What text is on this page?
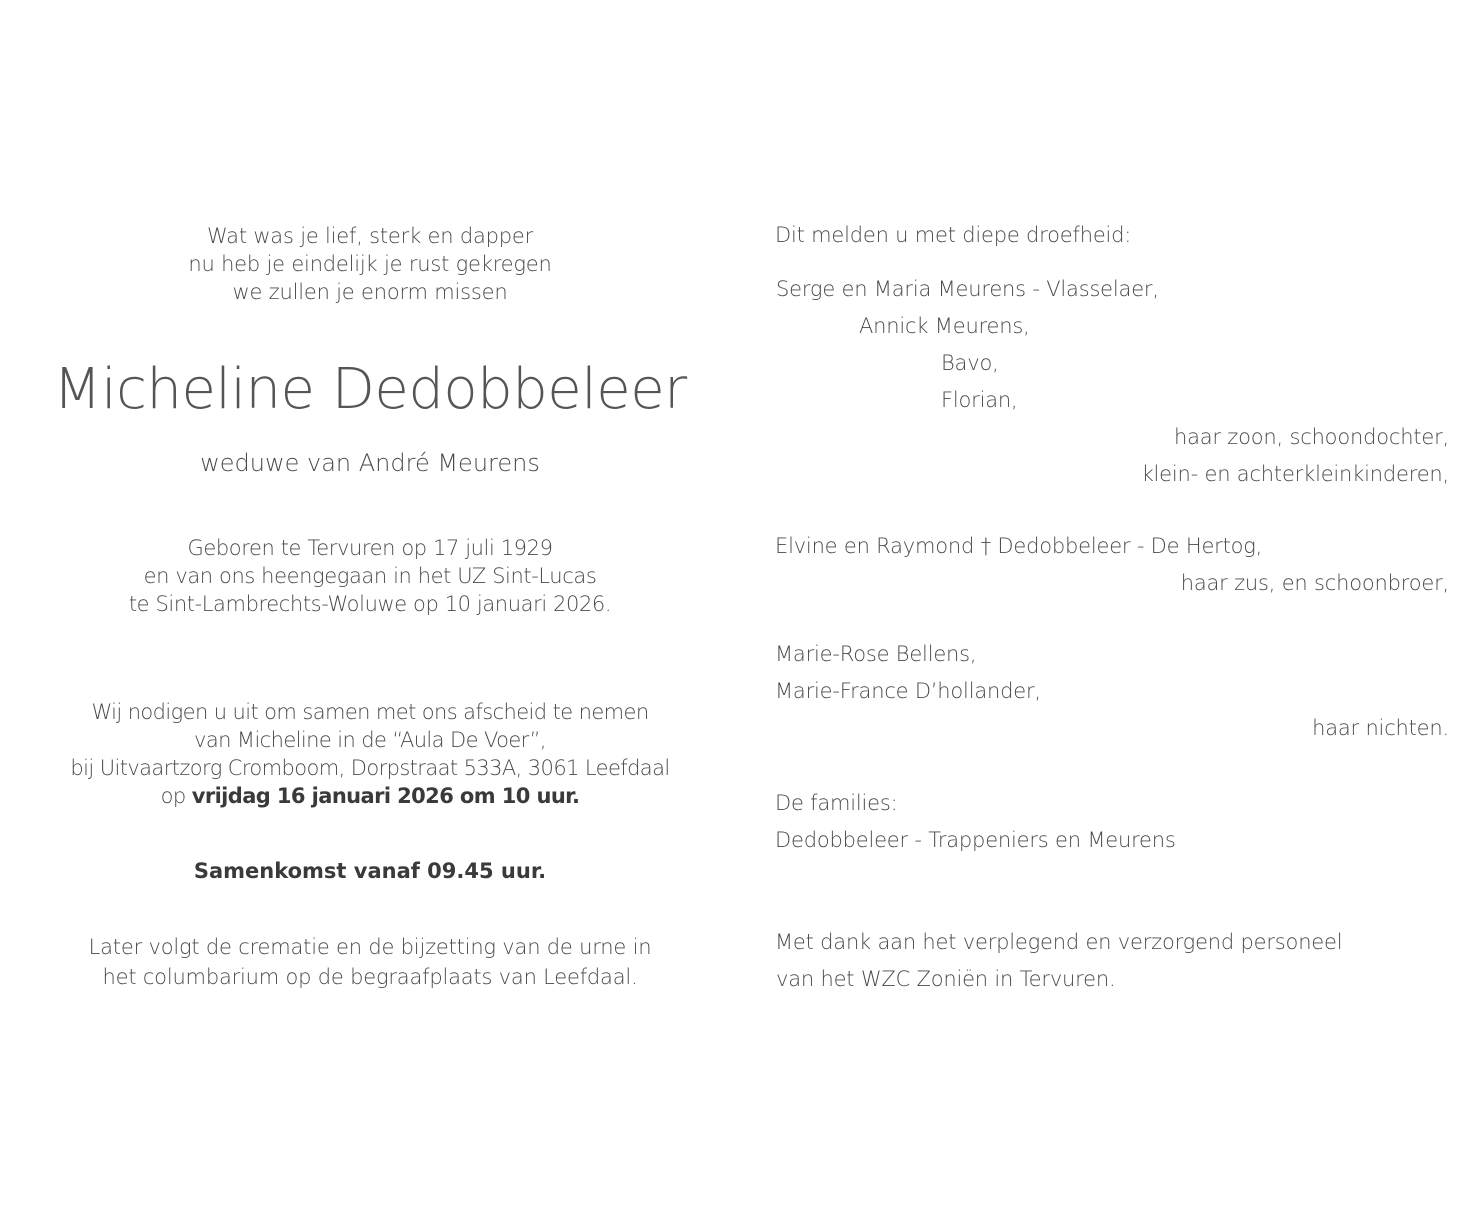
Wat was je lief, sterk en dapper
nu heb je eindelijk je rust gekregen
we zullen je enorm missen
Micheline Dedobbeleer
weduwe van André Meurens
Geboren te Tervuren op 17 juli 1929
en van ons heengegaan in het UZ Sint-Lucas
te Sint-Lambrechts-Woluwe op 10 januari 2026.
Wij nodigen u uit om samen met ons afscheid te nemen
van Micheline in de “Aula De Voer”,
bij Uitvaartzorg Cromboom, Dorpstraat 533A, 3061 Leefdaal
op vrijdag 16 januari 2026 om 10 uur.
Samenkomst vanaf 09.45 uur.
Later volgt de crematie en de bijzetting van de urne in
het columbarium op de begraafplaats van Leefdaal.
Dit melden u met diepe droefheid:
Serge en Maria Meurens - Vlasselaer,
Annick Meurens,
Bavo,
Florian,
haar zoon, schoondochter,
klein- en achterkleinkinderen,
Elvine en Raymond † Dedobbeleer - De Hertog,
haar zus, en schoonbroer,
Marie-Rose Bellens,
Marie-France D’hollander,
haar nichten.
De families:
Dedobbeleer - Trappeniers en Meurens
Met dank aan het verplegend en verzorgend personeel
van het WZC Zoniën in Tervuren.
